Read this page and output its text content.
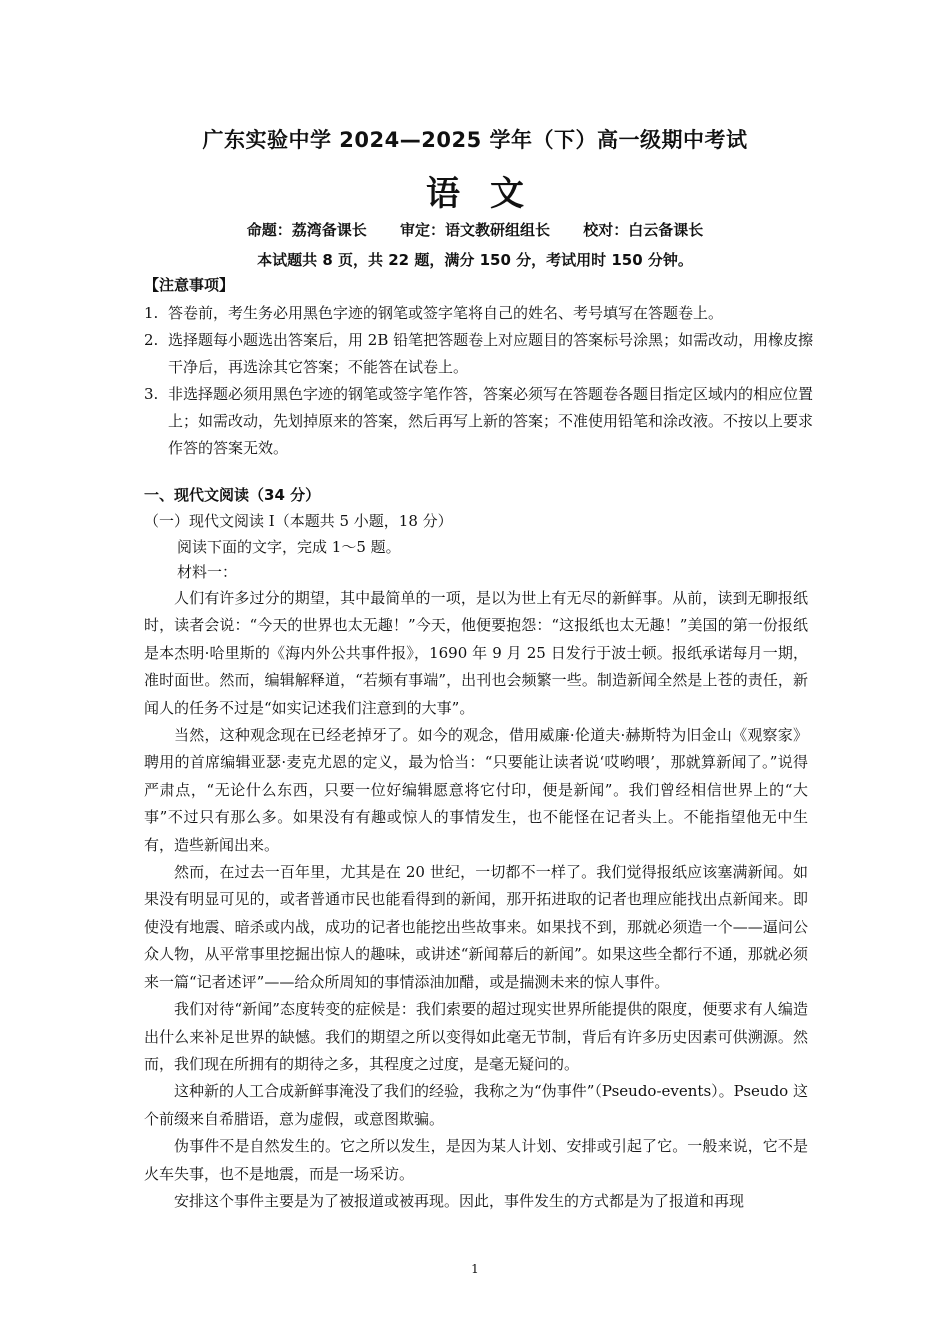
广东实验中学 2024—2025 学年（下）高一级期中考试
语文
命题：荔湾备课长 审定：语文教研组组长 校对：白云备课长
本试题共 8 页，共 22 题，满分 150 分，考试用时 150 分钟。
【注意事项】
1. 答卷前，考生务必用黑色字迹的钢笔或签字笔将自己的姓名、考号填写在答题卷上。
2. 选择题每小题选出答案后，用 2B 铅笔把答题卷上对应题目的答案标号涂黑；如需改动，用橡皮擦干净后，再选涂其它答案；不能答在试卷上。
3. 非选择题必须用黑色字迹的钢笔或签字笔作答，答案必须写在答题卷各题目指定区域内的相应位置上；如需改动，先划掉原来的答案，然后再写上新的答案；不准使用铅笔和涂改液。不按以上要求作答的答案无效。
一、现代文阅读（34 分）
（一）现代文阅读 I（本题共 5 小题，18 分）
阅读下面的文字，完成 1～5 题。
材料一：

人们有许多过分的期望，其中最简单的一项，是以为世上有无尽的新鲜事。从前，读到无聊报纸时，读者会说：“今天的世界也太无趣！”今天，他便要抱怨：“这报纸也太无趣！”美国的第一份报纸是本杰明·哈里斯的《海内外公共事件报》，1690 年 9 月 25 日发行于波士顿。报纸承诺每月一期，准时面世。然而，编辑解释道，“若频有事端”，出刊也会频繁一些。制造新闻全然是上苍的责任，新闻人的任务不过是“如实记述我们注意到的大事”。

当然，这种观念现在已经老掉牙了。如今的观念，借用威廉·伦道夫·赫斯特为旧金山《观察家》聘用的首席编辑亚瑟·麦克尤恩的定义，最为恰当：“只要能让读者说‘哎哟喂’，那就算新闻了。”说得严肃点，“无论什么东西，只要一位好编辑愿意将它付印，便是新闻”。我们曾经相信世界上的“大事”不过只有那么多。如果没有有趣或惊人的事情发生，也不能怪在记者头上。不能指望他无中生有，造些新闻出来。

然而，在过去一百年里，尤其是在 20 世纪，一切都不一样了。我们觉得报纸应该塞满新闻。如果没有明显可见的，或者普通市民也能看得到的新闻，那开拓进取的记者也理应能找出点新闻来。即使没有地震、暗杀或内战，成功的记者也能挖出些故事来。如果找不到，那就必须造一个——逼问公众人物，从平常事里挖掘出惊人的趣味，或讲述“新闻幕后的新闻”。如果这些全都行不通，那就必须来一篇“记者述评”——给众所周知的事情添油加醋，或是揣测未来的惊人事件。

我们对待“新闻”态度转变的症候是：我们索要的超过现实世界所能提供的限度，便要求有人编造出什么来补足世界的缺憾。我们的期望之所以变得如此毫无节制，背后有许多历史因素可供溯源。然而，我们现在所拥有的期待之多，其程度之过度，是毫无疑问的。

这种新的人工合成新鲜事淹没了我们的经验，我称之为“伪事件”（Pseudo-events）。Pseudo 这个前缀来自希腊语，意为虚假，或意图欺骗。

伪事件不是自然发生的。它之所以发生，是因为某人计划、安排或引起了它。一般来说，它不是火车失事，也不是地震，而是一场采访。

安排这个事件主要是为了被报道或被再现。因此，事件发生的方式都是为了报道和再现

1
